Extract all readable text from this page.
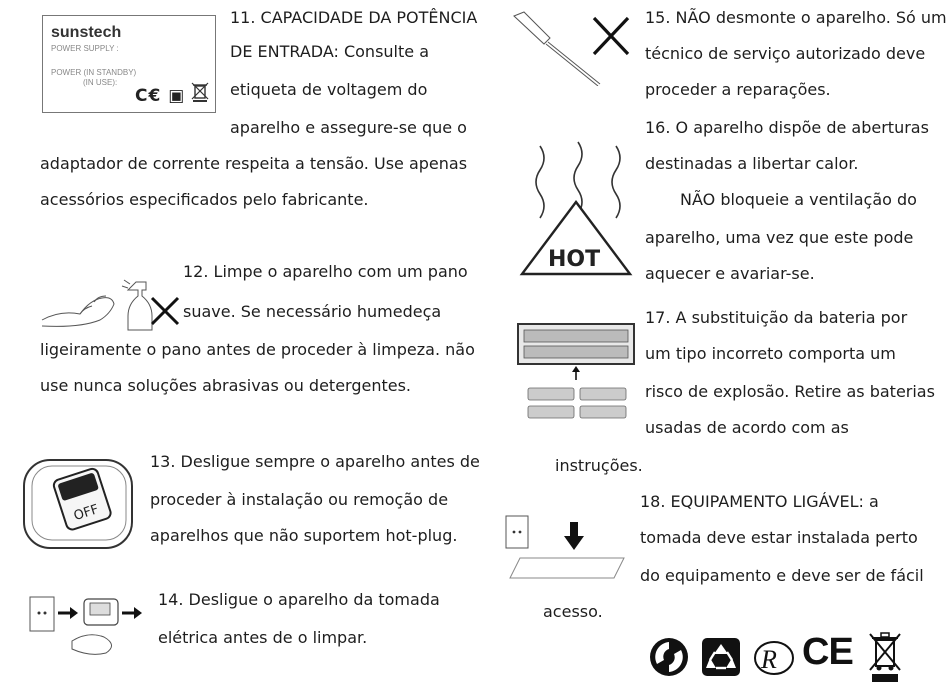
sunstech
POWER SUPPLY :
POWER (IN STANDBY)
(IN USE):
C€ ▣
11. CAPACIDADE DA POTÊNCIA
DE ENTRADA: Consulte a
etiqueta de voltagem do
aparelho e assegure-se que o
adaptador de corrente respeita a tensão. Use apenas
acessórios especificados pelo fabricante.
12. Limpe o aparelho com um pano
suave. Se necessário humedeça
ligeiramente o pano antes de proceder à limpeza. não
use nunca soluções abrasivas ou detergentes.
OFF
13. Desligue sempre o aparelho antes de
proceder à instalação ou remoção de
aparelhos que não suportem hot-plug.
14. Desligue o aparelho da tomada
elétrica antes de o limpar.
15. NÃO desmonte o aparelho. Só um
técnico de serviço autorizado deve
proceder a reparações.
HOT
16. O aparelho dispõe de aberturas
destinadas a libertar calor.
NÃO bloqueie a ventilação do
aparelho, uma vez que este pode
aquecer e avariar-se.
17. A substituição da bateria por
um tipo incorreto comporta um
risco de explosão. Retire as baterias
usadas de acordo com as
instruções.
18. EQUIPAMENTO LIGÁVEL: a
tomada deve estar instalada perto
do equipamento e deve ser de fácil
acesso.
R CE
